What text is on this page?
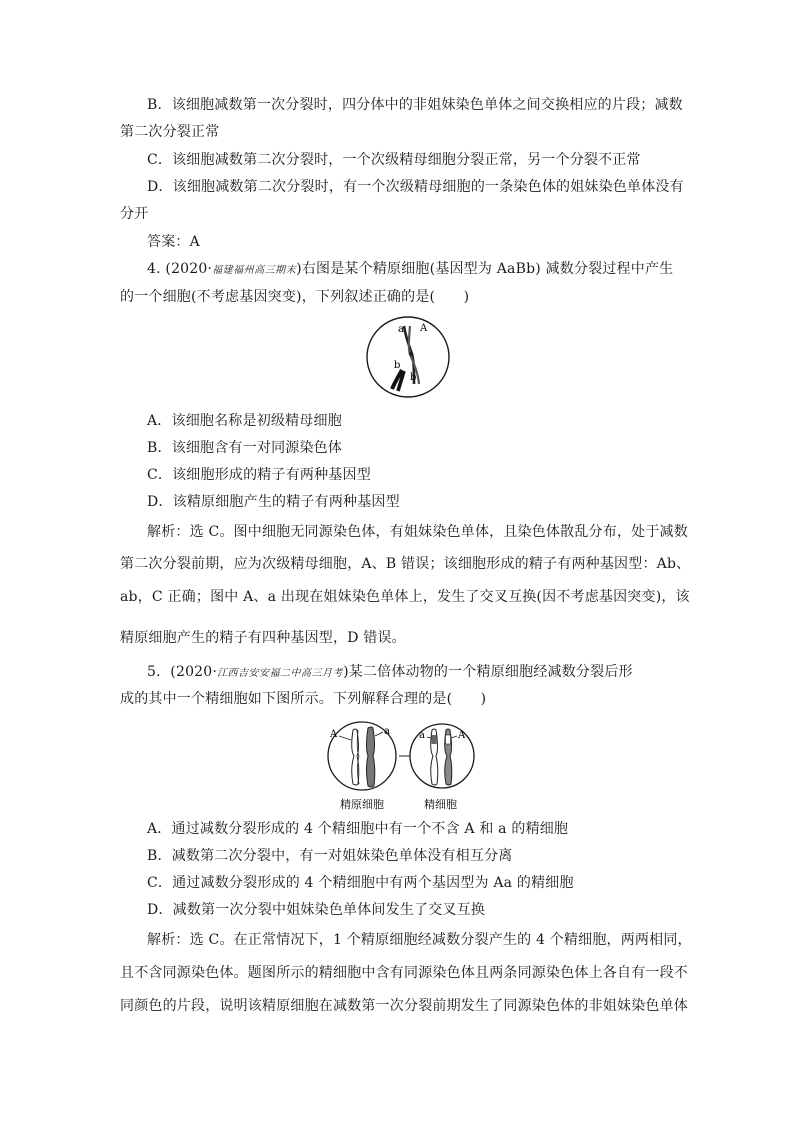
B．该细胞减数第一次分裂时，四分体中的非姐妹染色单体之间交换相应的片段；减数
第二次分裂正常
C．该细胞减数第二次分裂时，一个次级精母细胞分裂正常，另一个分裂不正常
D．该细胞减数第二次分裂时，有一个次级精母细胞的一条染色体的姐妹染色单体没有
分开
答案：A
4. (2020·福建福州高三期末)右图是某个精原细胞(基因型为 AaBb) 减数分裂过程中产生
的一个细胞(不考虑基因突变)，下列叙述正确的是(　　)
a A
b
b
A．该细胞名称是初级精母细胞
B．该细胞含有一对同源染色体
C．该细胞形成的精子有两种基因型
D．该精原细胞产生的精子有两种基因型
解析：选 C。图中细胞无同源染色体，有姐妹染色单体，且染色体散乱分布，处于减数
第二次分裂前期，应为次级精母细胞，A、B 错误；该细胞形成的精子有两种基因型：Ab、
ab，C 正确；图中 A、a 出现在姐妹染色单体上，发生了交叉互换(因不考虑基因突变)，该
精原细胞产生的精子有四种基因型，D 错误。
5．(2020·江西吉安安福二中高三月考)某二倍体动物的一个精原细胞经减数分裂后形
成的其中一个精细胞如下图所示。下列解释合理的是(　　)
A	a	a	A
精原细胞	精细胞
A．通过减数分裂形成的 4 个精细胞中有一个不含 A 和 a 的精细胞
B．减数第二次分裂中，有一对姐妹染色单体没有相互分离
C．通过减数分裂形成的 4 个精细胞中有两个基因型为 Aa 的精细胞
D．减数第一次分裂中姐妹染色单体间发生了交叉互换
解析：选 C。在正常情况下，1 个精原细胞经减数分裂产生的 4 个精细胞，两两相同，
且不含同源染色体。题图所示的精细胞中含有同源染色体且两条同源染色体上各自有一段不
同颜色的片段，说明该精原细胞在减数第一次分裂前期发生了同源染色体的非姐妹染色单体
